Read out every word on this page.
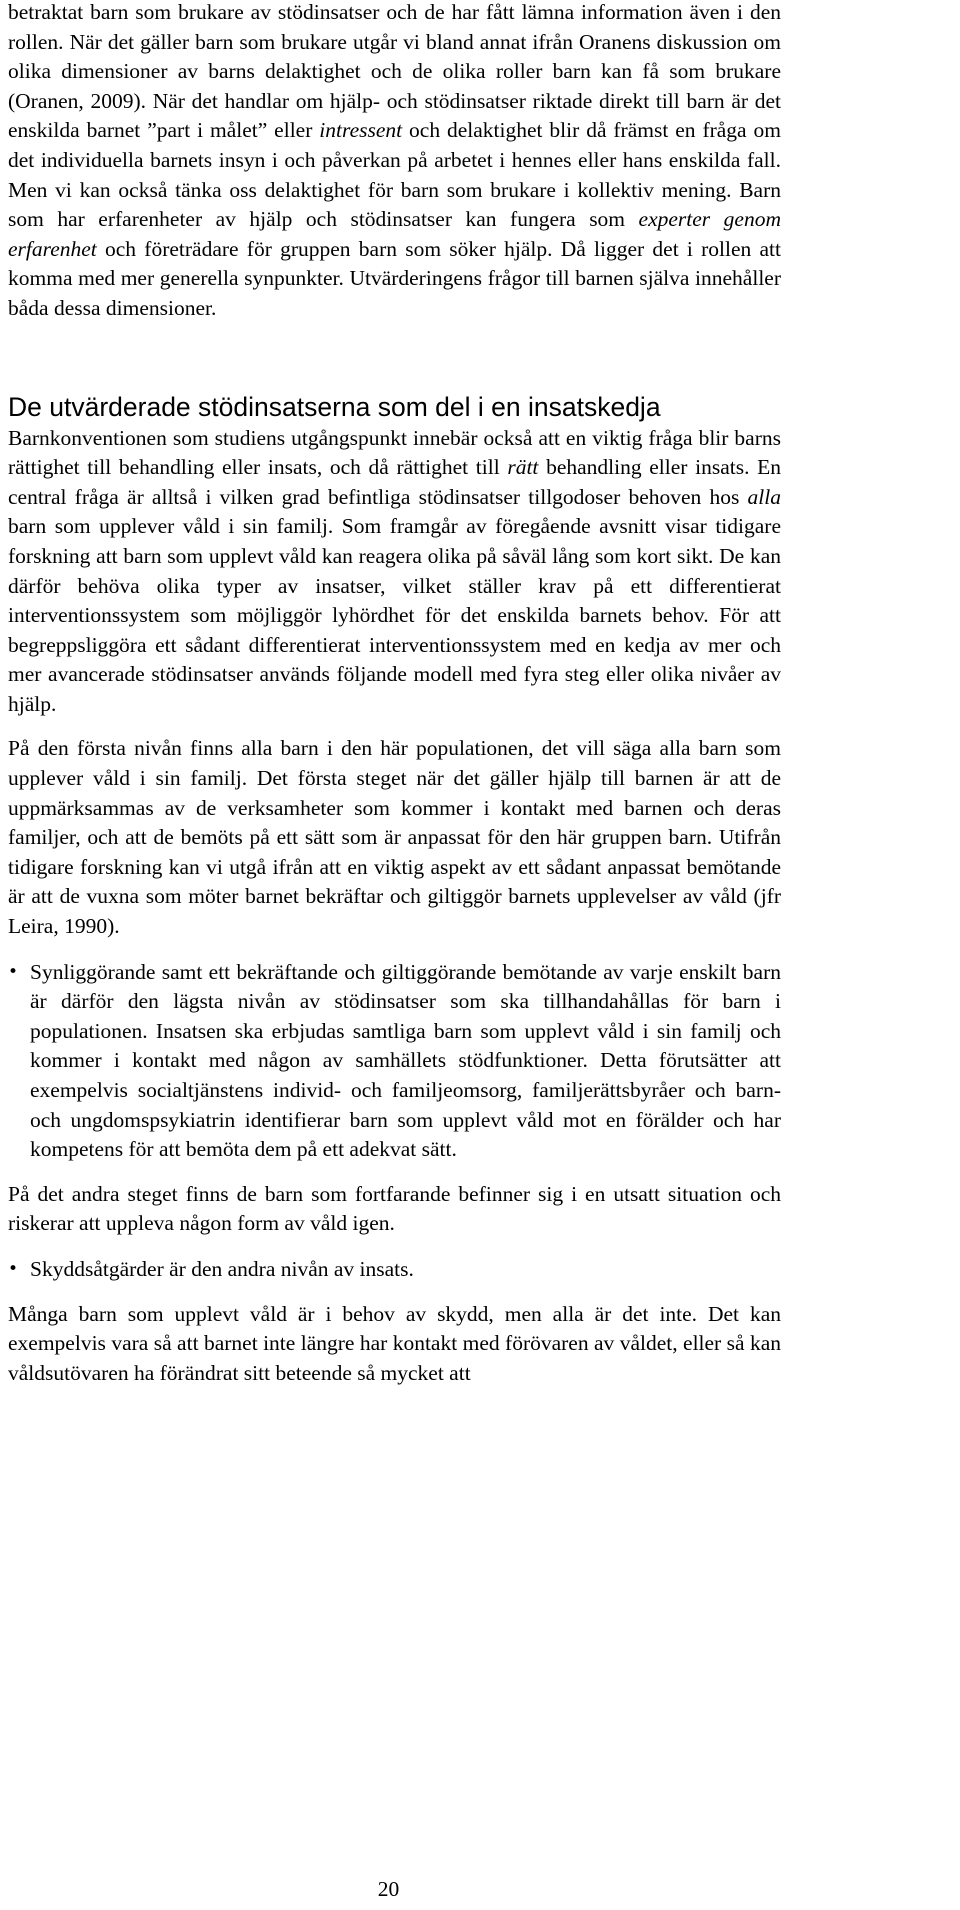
betraktat barn som brukare av stödinsatser och de har fått lämna information även i den rollen. När det gäller barn som brukare utgår vi bland annat ifrån Oranens diskussion om olika dimensioner av barns delaktighet och de olika roller barn kan få som brukare (Oranen, 2009). När det handlar om hjälp- och stödinsatser riktade direkt till barn är det enskilda barnet ”part i målet” eller intressent och delaktighet blir då främst en fråga om det individuella barnets insyn i och påverkan på arbetet i hennes eller hans enskilda fall. Men vi kan också tänka oss delaktighet för barn som brukare i kollektiv mening. Barn som har erfarenheter av hjälp och stödinsatser kan fungera som experter genom erfarenhet och företrädare för gruppen barn som söker hjälp. Då ligger det i rollen att komma med mer generella synpunkter. Utvärderingens frågor till barnen själva innehåller båda dessa dimensioner.

De utvärderade stödinsatserna som del i en insatskedja

Barnkonventionen som studiens utgångspunkt innebär också att en viktig fråga blir barns rättighet till behandling eller insats, och då rättighet till rätt behandling eller insats. En central fråga är alltså i vilken grad befintliga stödinsatser tillgodoser behoven hos alla barn som upplever våld i sin familj. Som framgår av föregående avsnitt visar tidigare forskning att barn som upplevt våld kan reagera olika på såväl lång som kort sikt. De kan därför behöva olika typer av insatser, vilket ställer krav på ett differentierat interventionssystem som möjliggör lyhördhet för det enskilda barnets behov. För att begreppsliggöra ett sådant differentierat interventionssystem med en kedja av mer och mer avancerade stödinsatser används följande modell med fyra steg eller olika nivåer av hjälp.

På den första nivån finns alla barn i den här populationen, det vill säga alla barn som upplever våld i sin familj. Det första steget när det gäller hjälp till barnen är att de uppmärksammas av de verksamheter som kommer i kontakt med barnen och deras familjer, och att de bemöts på ett sätt som är anpassat för den här gruppen barn. Utifrån tidigare forskning kan vi utgå ifrån att en viktig aspekt av ett sådant anpassat bemötande är att de vuxna som möter barnet bekräftar och giltiggör barnets upplevelser av våld (jfr Leira, 1990).

• Synliggörande samt ett bekräftande och giltiggörande bemötande av varje enskilt barn är därför den lägsta nivån av stödinsatser som ska tillhandahållas för barn i populationen. Insatsen ska erbjudas samtliga barn som upplevt våld i sin familj och kommer i kontakt med någon av samhällets stödfunktioner. Detta förutsätter att exempelvis socialtjänstens individ- och familjeomsorg, familjerättsbyråer och barn- och ungdomspsykiatrin identifierar barn som upplevt våld mot en förälder och har kompetens för att bemöta dem på ett adekvat sätt.

På det andra steget finns de barn som fortfarande befinner sig i en utsatt situation och riskerar att uppleva någon form av våld igen.

• Skyddsåtgärder är den andra nivån av insats.

Många barn som upplevt våld är i behov av skydd, men alla är det inte. Det kan exempelvis vara så att barnet inte längre har kontakt med förövaren av våldet, eller så kan våldsutövaren ha förändrat sitt beteende så mycket att

20
